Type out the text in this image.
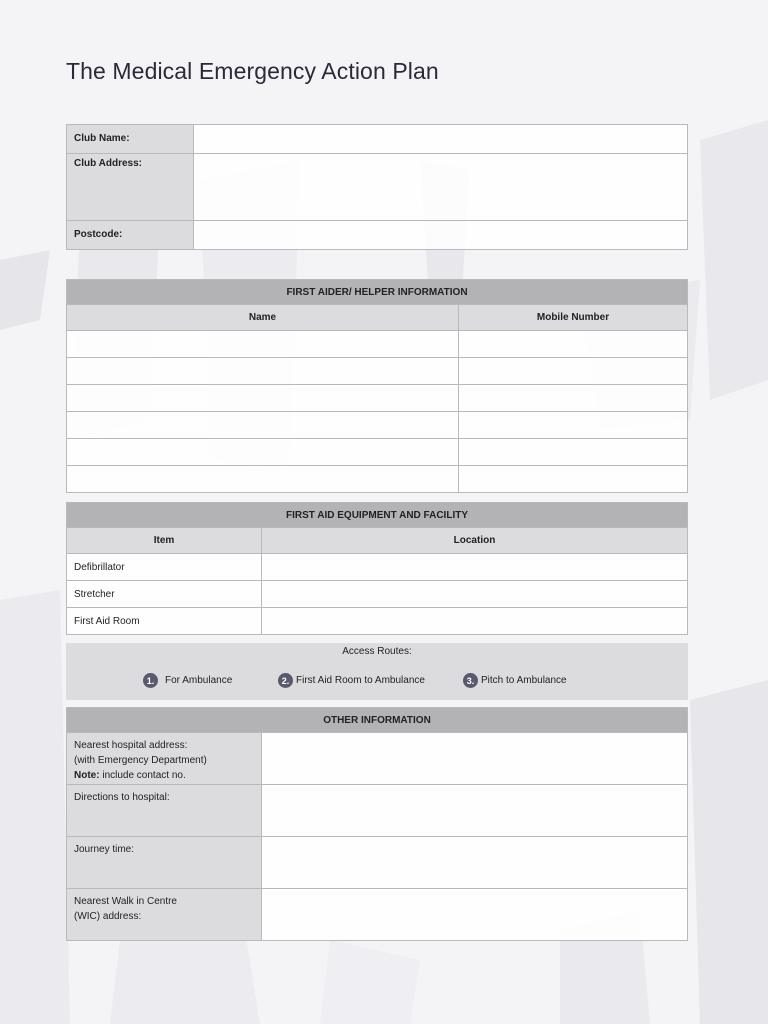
The Medical Emergency Action Plan
Club Name:	
Club Address:	
Postcode:	
FIRST AIDER/ HELPER INFORMATION	
Name	Mobile Number

FIRST AID EQUIPMENT AND FACILITY	
Item	Location
Defibrillator	
Stretcher	
First Aid Room	
Access Routes:
1.	For Ambulance	2. First Aid Room to Ambulance	3. Pitch to Ambulance
OTHER INFORMATION	
Nearest hospital address:
(with Emergency Department)
Note: include contact no.	
Directions to hospital:	
Journey time:	
Nearest Walk in Centre
(WIC) address:	
